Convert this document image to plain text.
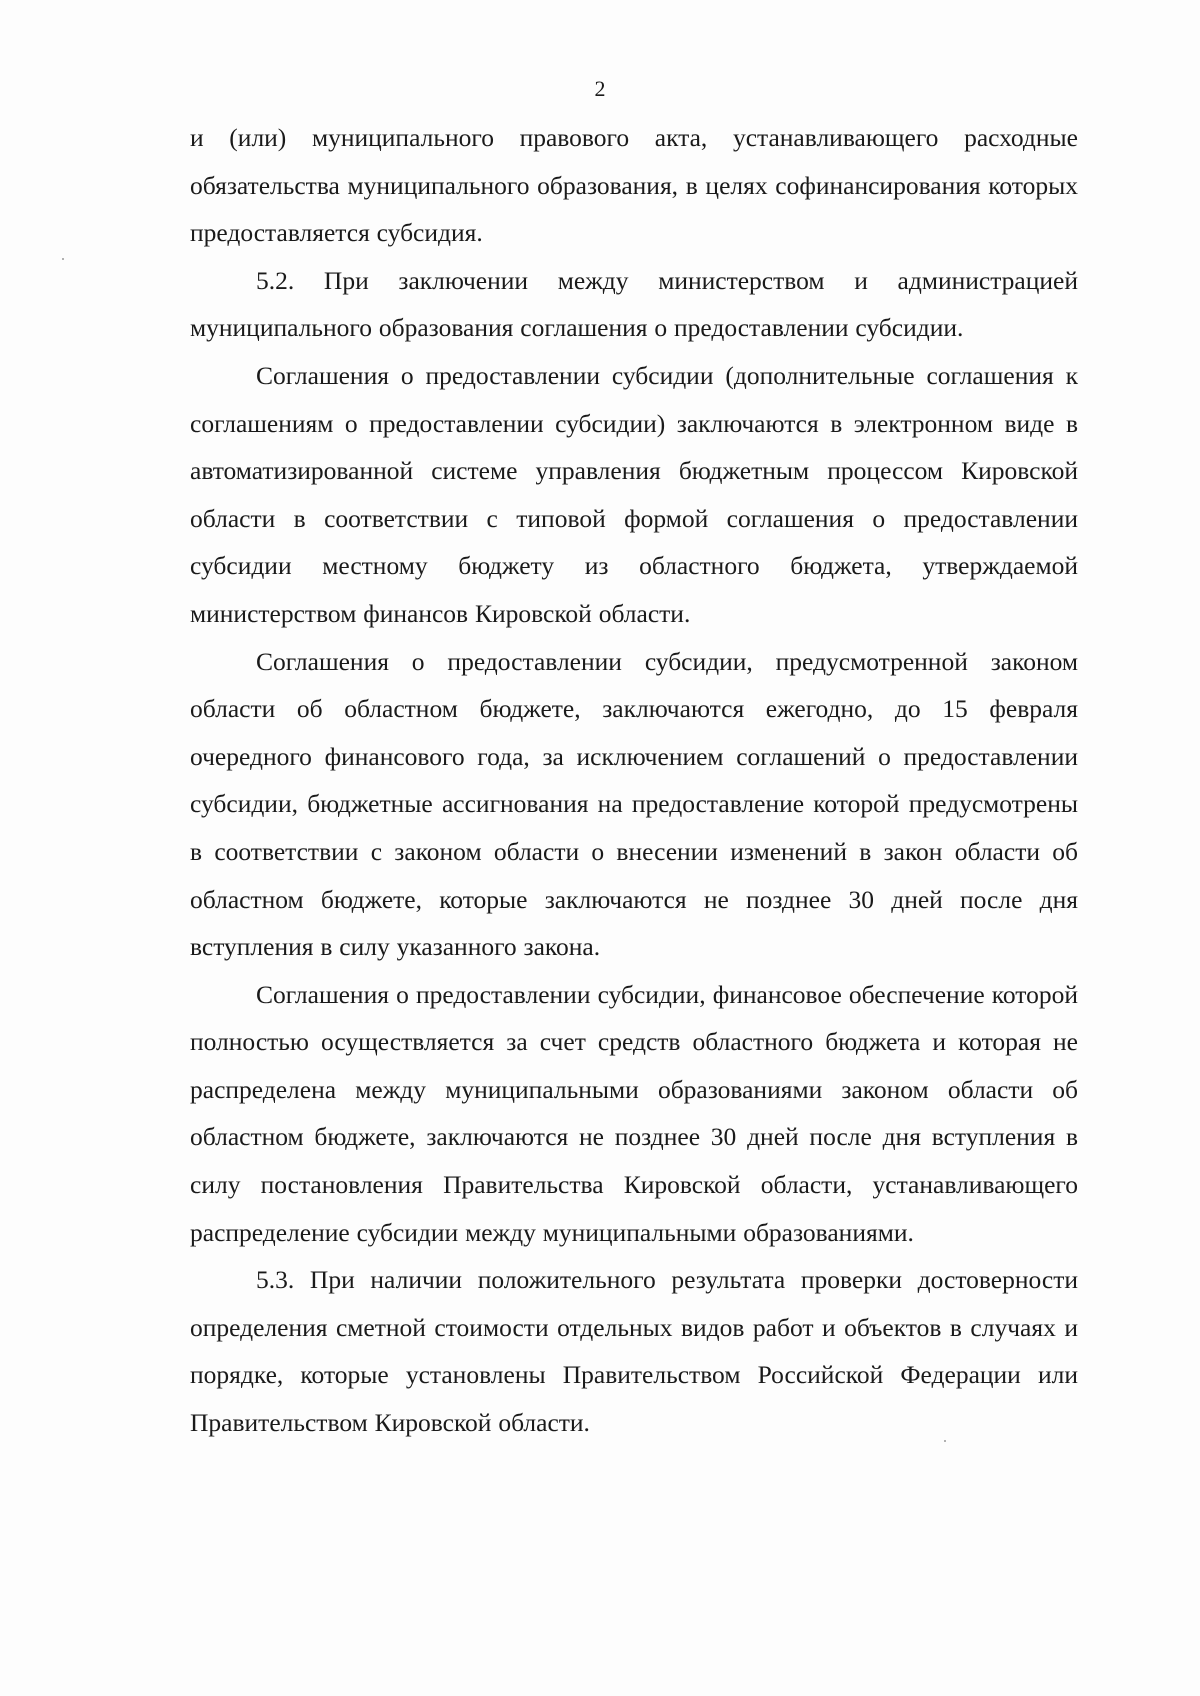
2

и (или) муниципального правового акта, устанавливающего расходные обязательства муниципального образования, в целях софинансирования которых предоставляется субсидия.

5.2. При заключении между министерством и администрацией муниципального образования соглашения о предоставлении субсидии.

Соглашения о предоставлении субсидии (дополнительные соглашения к соглашениям о предоставлении субсидии) заключаются в электронном виде в автоматизированной системе управления бюджетным процессом Кировской области в соответствии с типовой формой соглашения о предоставлении субсидии местному бюджету из областного бюджета, утверждаемой министерством финансов Кировской области.

Соглашения о предоставлении субсидии, предусмотренной законом области об областном бюджете, заключаются ежегодно, до 15 февраля очередного финансового года, за исключением соглашений о предоставлении субсидии, бюджетные ассигнования на предоставление которой предусмотрены в соответствии с законом области о внесении изменений в закон области об областном бюджете, которые заключаются не позднее 30 дней после дня вступления в силу указанного закона.

Соглашения о предоставлении субсидии, финансовое обеспечение которой полностью осуществляется за счет средств областного бюджета и которая не распределена между муниципальными образованиями законом области об областном бюджете, заключаются не позднее 30 дней после дня вступления в силу постановления Правительства Кировской области, устанавливающего распределение субсидии между муниципальными образованиями.

5.3. При наличии положительного результата проверки достоверности определения сметной стоимости отдельных видов работ и объектов в случаях и порядке, которые установлены Правительством Российской Федерации или Правительством Кировской области.
